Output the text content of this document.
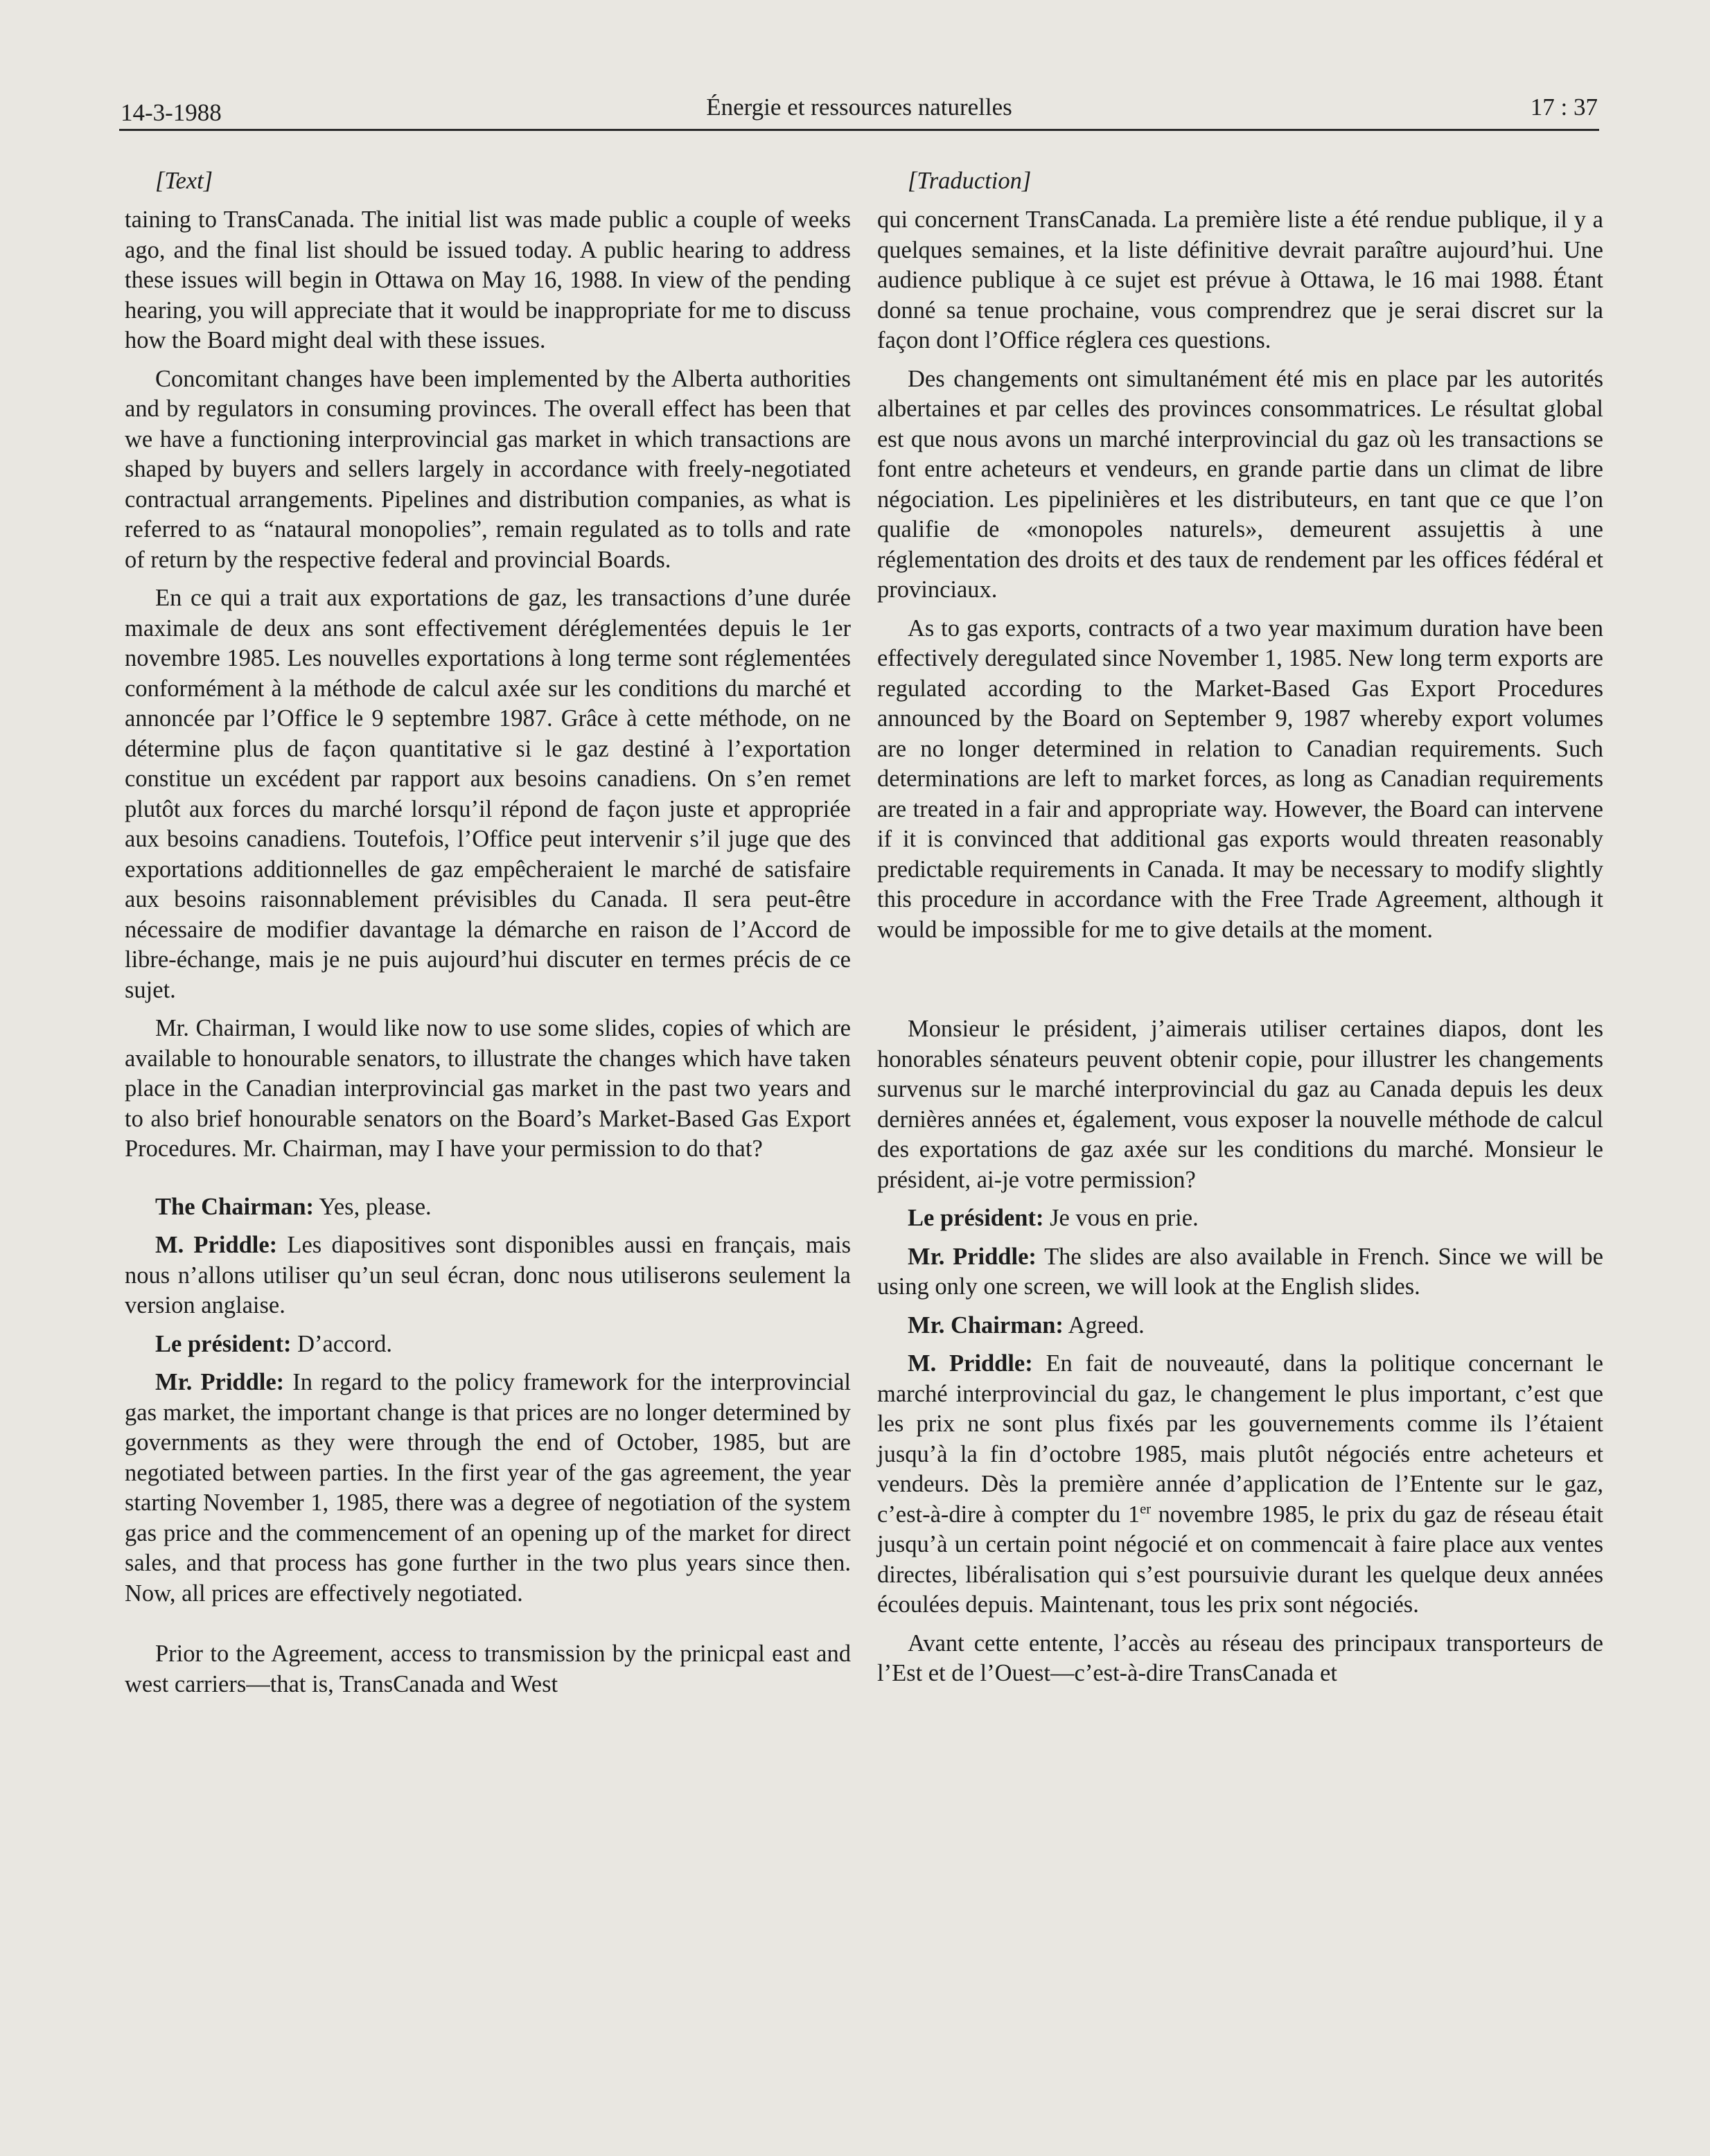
14-3-1988	Énergie et ressources naturelles	17 : 37

[Text]

taining to TransCanada. The initial list was made public a couple of weeks ago, and the final list should be issued today. A public hearing to address these issues will begin in Ottawa on May 16, 1988. In view of the pending hearing, you will appreciate that it would be inappropriate for me to discuss how the Board might deal with these issues.

Concomitant changes have been implemented by the Alberta authorities and by regulators in consuming provinces. The overall effect has been that we have a functioning interprovincial gas market in which transactions are shaped by buyers and sellers largely in accordance with freely-negotiated contractual arrangements. Pipelines and distribution companies, as what is referred to as “nataural monopolies”, remain regulated as to tolls and rate of return by the respective federal and provincial Boards.

En ce qui a trait aux exportations de gaz, les transactions d’une durée maximale de deux ans sont effectivement déréglementées depuis le 1er novembre 1985. Les nouvelles exportations à long terme sont réglementées conformément à la méthode de calcul axée sur les conditions du marché et annoncée par l’Office le 9 septembre 1987. Grâce à cette méthode, on ne détermine plus de façon quantitative si le gaz destiné à l’exportation constitue un excédent par rapport aux besoins canadiens. On s’en remet plutôt aux forces du marché lorsqu’il répond de façon juste et appropriée aux besoins canadiens. Toutefois, l’Office peut intervenir s’il juge que des exportations additionnelles de gaz empêcheraient le marché de satisfaire aux besoins raisonnablement prévisibles du Canada. Il sera peut-être nécessaire de modifier davantage la démarche en raison de l’Accord de libre-échange, mais je ne puis aujourd’hui discuter en termes précis de ce sujet.

Mr. Chairman, I would like now to use some slides, copies of which are available to honourable senators, to illustrate the changes which have taken place in the Canadian interprovincial gas market in the past two years and to also brief honourable senators on the Board’s Market-Based Gas Export Procedures. Mr. Chairman, may I have your permission to do that?

The Chairman: Yes, please.

M. Priddle: Les diapositives sont disponibles aussi en français, mais nous n’allons utiliser qu’un seul écran, donc nous utiliserons seulement la version anglaise.

Le président: D’accord.

Mr. Priddle: In regard to the policy framework for the interprovincial gas market, the important change is that prices are no longer determined by governments as they were through the end of October, 1985, but are negotiated between parties. In the first year of the gas agreement, the year starting November 1, 1985, there was a degree of negotiation of the system gas price and the commencement of an opening up of the market for direct sales, and that process has gone further in the two plus years since then. Now, all prices are effectively negotiated.

Prior to the Agreement, access to transmission by the prinicpal east and west carriers—that is, TransCanada and West

[Traduction]

qui concernent TransCanada. La première liste a été rendue publique, il y a quelques semaines, et la liste définitive devrait paraître aujourd’hui. Une audience publique à ce sujet est prévue à Ottawa, le 16 mai 1988. Étant donné sa tenue prochaine, vous comprendrez que je serai discret sur la façon dont l’Office réglera ces questions.

Des changements ont simultanément été mis en place par les autorités albertaines et par celles des provinces consommatrices. Le résultat global est que nous avons un marché interprovincial du gaz où les transactions se font entre acheteurs et vendeurs, en grande partie dans un climat de libre négociation. Les pipelinières et les distributeurs, en tant que ce que l’on qualifie de «monopoles naturels», demeurent assujettis à une réglementation des droits et des taux de rendement par les offices fédéral et provinciaux.

As to gas exports, contracts of a two year maximum duration have been effectively deregulated since November 1, 1985. New long term exports are regulated according to the Market-Based Gas Export Procedures announced by the Board on September 9, 1987 whereby export volumes are no longer determined in relation to Canadian requirements. Such determinations are left to market forces, as long as Canadian requirements are treated in a fair and appropriate way. However, the Board can intervene if it is convinced that additional gas exports would threaten reasonably predictable requirements in Canada. It may be necessary to modify slightly this procedure in accordance with the Free Trade Agreement, although it would be impossible for me to give details at the moment.

Monsieur le président, j’aimerais utiliser certaines diapos, dont les honorables sénateurs peuvent obtenir copie, pour illustrer les changements survenus sur le marché interprovincial du gaz au Canada depuis les deux dernières années et, également, vous exposer la nouvelle méthode de calcul des exportations de gaz axée sur les conditions du marché. Monsieur le président, ai-je votre permission?

Le président: Je vous en prie.

Mr. Priddle: The slides are also available in French. Since we will be using only one screen, we will look at the English slides.

Mr. Chairman: Agreed.

M. Priddle: En fait de nouveauté, dans la politique concernant le marché interprovincial du gaz, le changement le plus important, c’est que les prix ne sont plus fixés par les gouvernements comme ils l’étaient jusqu’à la fin d’octobre 1985, mais plutôt négociés entre acheteurs et vendeurs. Dès la première année d’application de l’Entente sur le gaz, c’est-à-dire à compter du 1er novembre 1985, le prix du gaz de réseau était jusqu’à un certain point négocié et on commencait à faire place aux ventes directes, libéralisation qui s’est poursuivie durant les quelque deux années écoulées depuis. Maintenant, tous les prix sont négociés.

Avant cette entente, l’accès au réseau des principaux transporteurs de l’Est et de l’Ouest—c’est-à-dire TransCanada et
